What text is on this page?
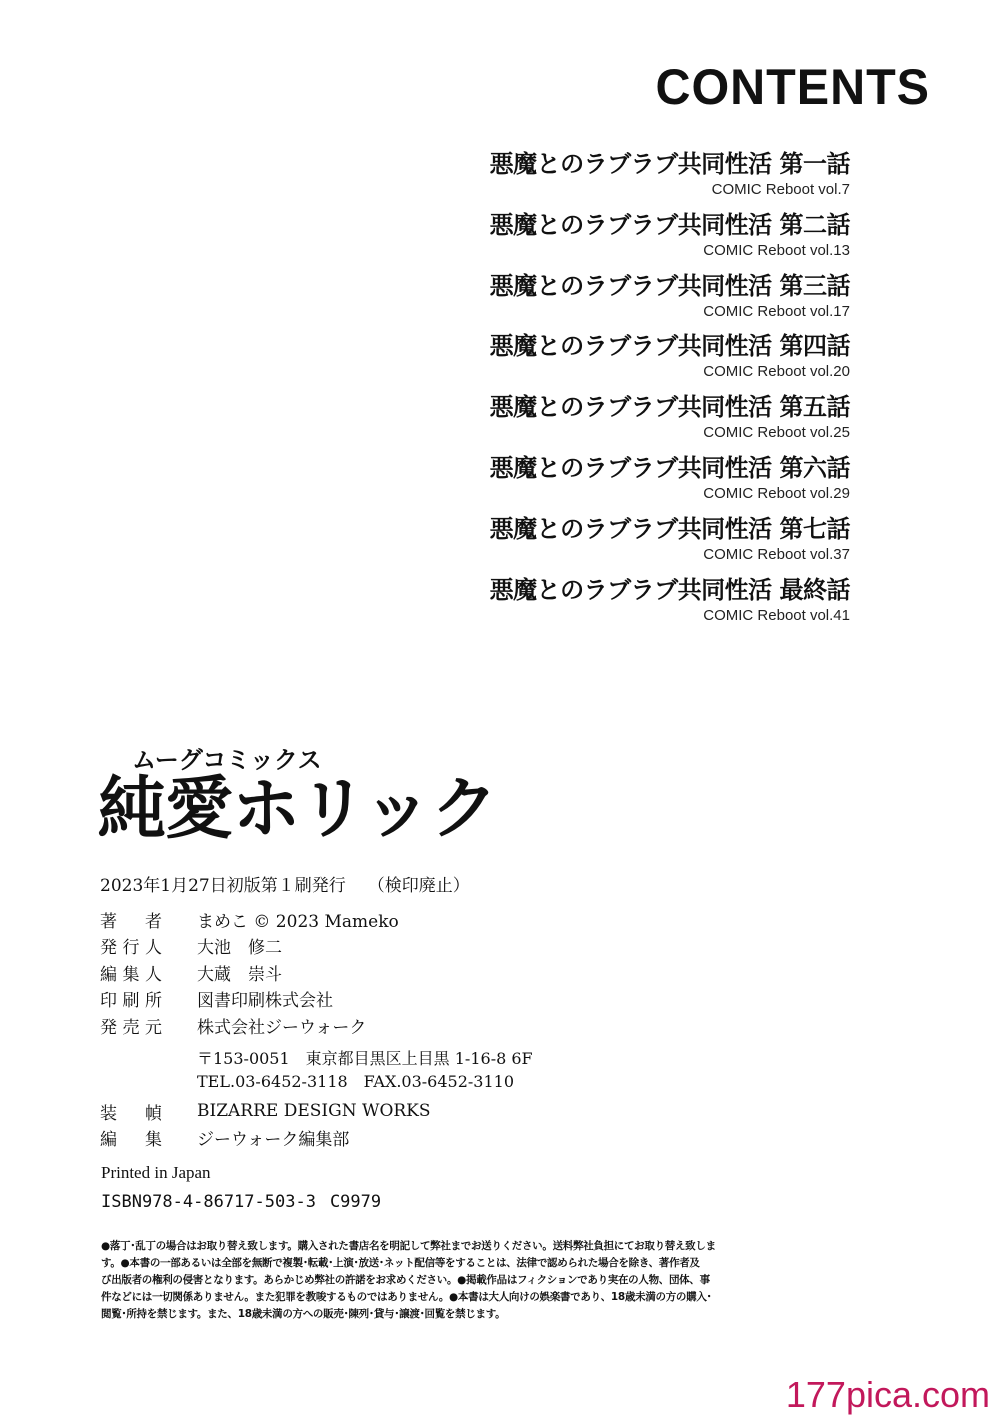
CONTENTS
悪魔とのラブラブ共同性活 第一話
COMIC Reboot vol.7
悪魔とのラブラブ共同性活 第二話
COMIC Reboot vol.13
悪魔とのラブラブ共同性活 第三話
COMIC Reboot vol.17
悪魔とのラブラブ共同性活 第四話
COMIC Reboot vol.20
悪魔とのラブラブ共同性活 第五話
COMIC Reboot vol.25
悪魔とのラブラブ共同性活 第六話
COMIC Reboot vol.29
悪魔とのラブラブ共同性活 第七話
COMIC Reboot vol.37
悪魔とのラブラブ共同性活 最終話
COMIC Reboot vol.41
ムーグコミックス
純愛ホリック
2023年1月27日初版第１刷発行 （検印廃止）
著者 まめこ © 2023 Mameko
発行人 大池　修二
編集人 大蔵　崇斗
印刷所 図書印刷株式会社
発売元 株式会社ジーウォーク
〒153-0051　東京都目黒区上目黒 1-16-8 6F
TEL.03-6452-3118　FAX.03-6452-3110
装幀 BIZARRE DESIGN WORKS
編集 ジーウォーク編集部
Printed in Japan
ISBN978-4-86717-503-3 C9979
●落丁･乱丁の場合はお取り替え致します。購入された書店名を明記して弊社までお送りください。送料弊社負担にてお取り替え致しま
す。●本書の一部あるいは全部を無断で複製･転載･上演･放送･ネット配信等をすることは、法律で認められた場合を除き、著作者及
び出版者の権利の侵害となります。あらかじめ弊社の許諾をお求めください。●掲載作品はフィクションであり実在の人物、団体、事
件などには一切関係ありません。また犯罪を教唆するものではありません。●本書は大人向けの娯楽書であり、18歳未満の方の購入･
閲覧･所持を禁じます。また、18歳未満の方への販売･陳列･貸与･譲渡･回覧を禁じます。
177pica.com
